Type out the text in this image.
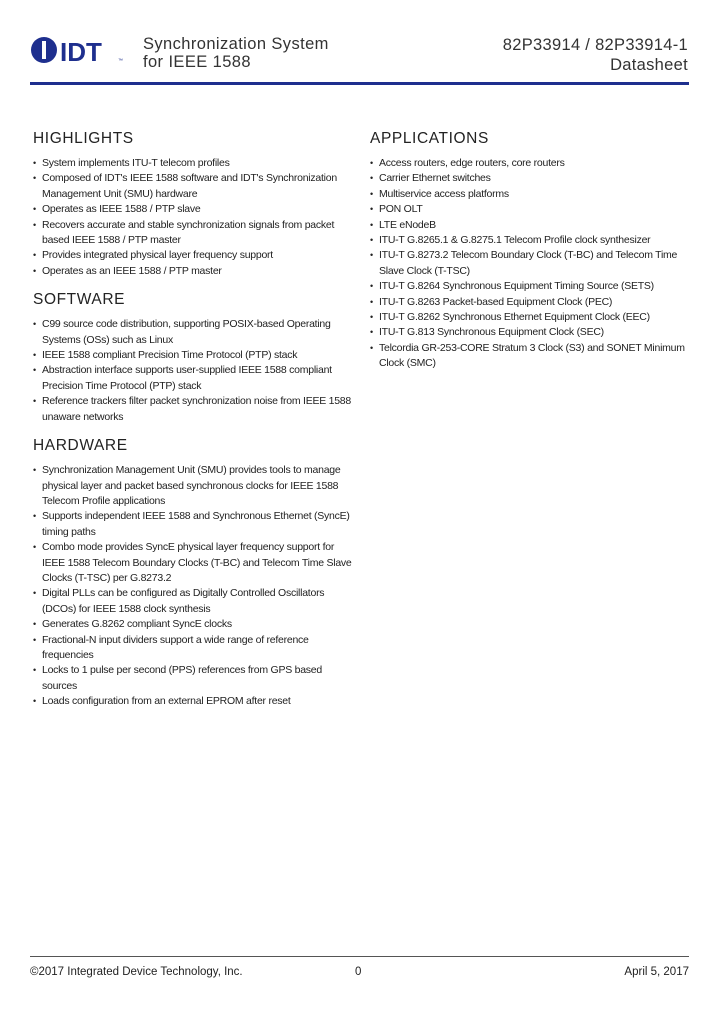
IDT	™
Synchronization System
for IEEE 1588
82P33914 / 82P33914-1
Datasheet
HIGHLIGHTS
• System implements ITU-T telecom profiles
• Composed of IDT's IEEE 1588 software and IDT's Synchronization Management Unit (SMU) hardware
• Operates as IEEE 1588 / PTP slave
• Recovers accurate and stable synchronization signals from packet based IEEE 1588 / PTP master
• Provides integrated physical layer frequency support
• Operates as an IEEE 1588 / PTP master
SOFTWARE
• C99 source code distribution, supporting POSIX-based Operating Systems (OSs) such as Linux
• IEEE 1588 compliant Precision Time Protocol (PTP) stack
• Abstraction interface supports user-supplied IEEE 1588 compliant Precision Time Protocol (PTP) stack
• Reference trackers filter packet synchronization noise from IEEE 1588 unaware networks
HARDWARE
• Synchronization Management Unit (SMU) provides tools to manage physical layer and packet based synchronous clocks for IEEE 1588 Telecom Profile applications
• Supports independent IEEE 1588 and Synchronous Ethernet (SyncE) timing paths
• Combo mode provides SyncE physical layer frequency support for IEEE 1588 Telecom Boundary Clocks (T-BC) and Telecom Time Slave Clocks (T-TSC) per G.8273.2
• Digital PLLs can be configured as Digitally Controlled Oscillators (DCOs) for IEEE 1588 clock synthesis
• Generates G.8262 compliant SyncE clocks
• Fractional-N input dividers support a wide range of reference frequencies
• Locks to 1 pulse per second (PPS) references from GPS based sources
• Loads configuration from an external EPROM after reset
APPLICATIONS
• Access routers, edge routers, core routers
• Carrier Ethernet switches
• Multiservice access platforms
• PON OLT
• LTE eNodeB
• ITU-T G.8265.1 & G.8275.1 Telecom Profile clock synthesizer
• ITU-T G.8273.2 Telecom Boundary Clock (T-BC) and Telecom Time Slave Clock (T-TSC)
• ITU-T G.8264 Synchronous Equipment Timing Source (SETS)
• ITU-T G.8263 Packet-based Equipment Clock (PEC)
• ITU-T G.8262 Synchronous Ethernet Equipment Clock (EEC)
• ITU-T G.813 Synchronous Equipment Clock (SEC)
• Telcordia GR-253-CORE Stratum 3 Clock (S3) and SONET Minimum Clock (SMC)
©2017 Integrated Device Technology, Inc.	0	April 5, 2017
